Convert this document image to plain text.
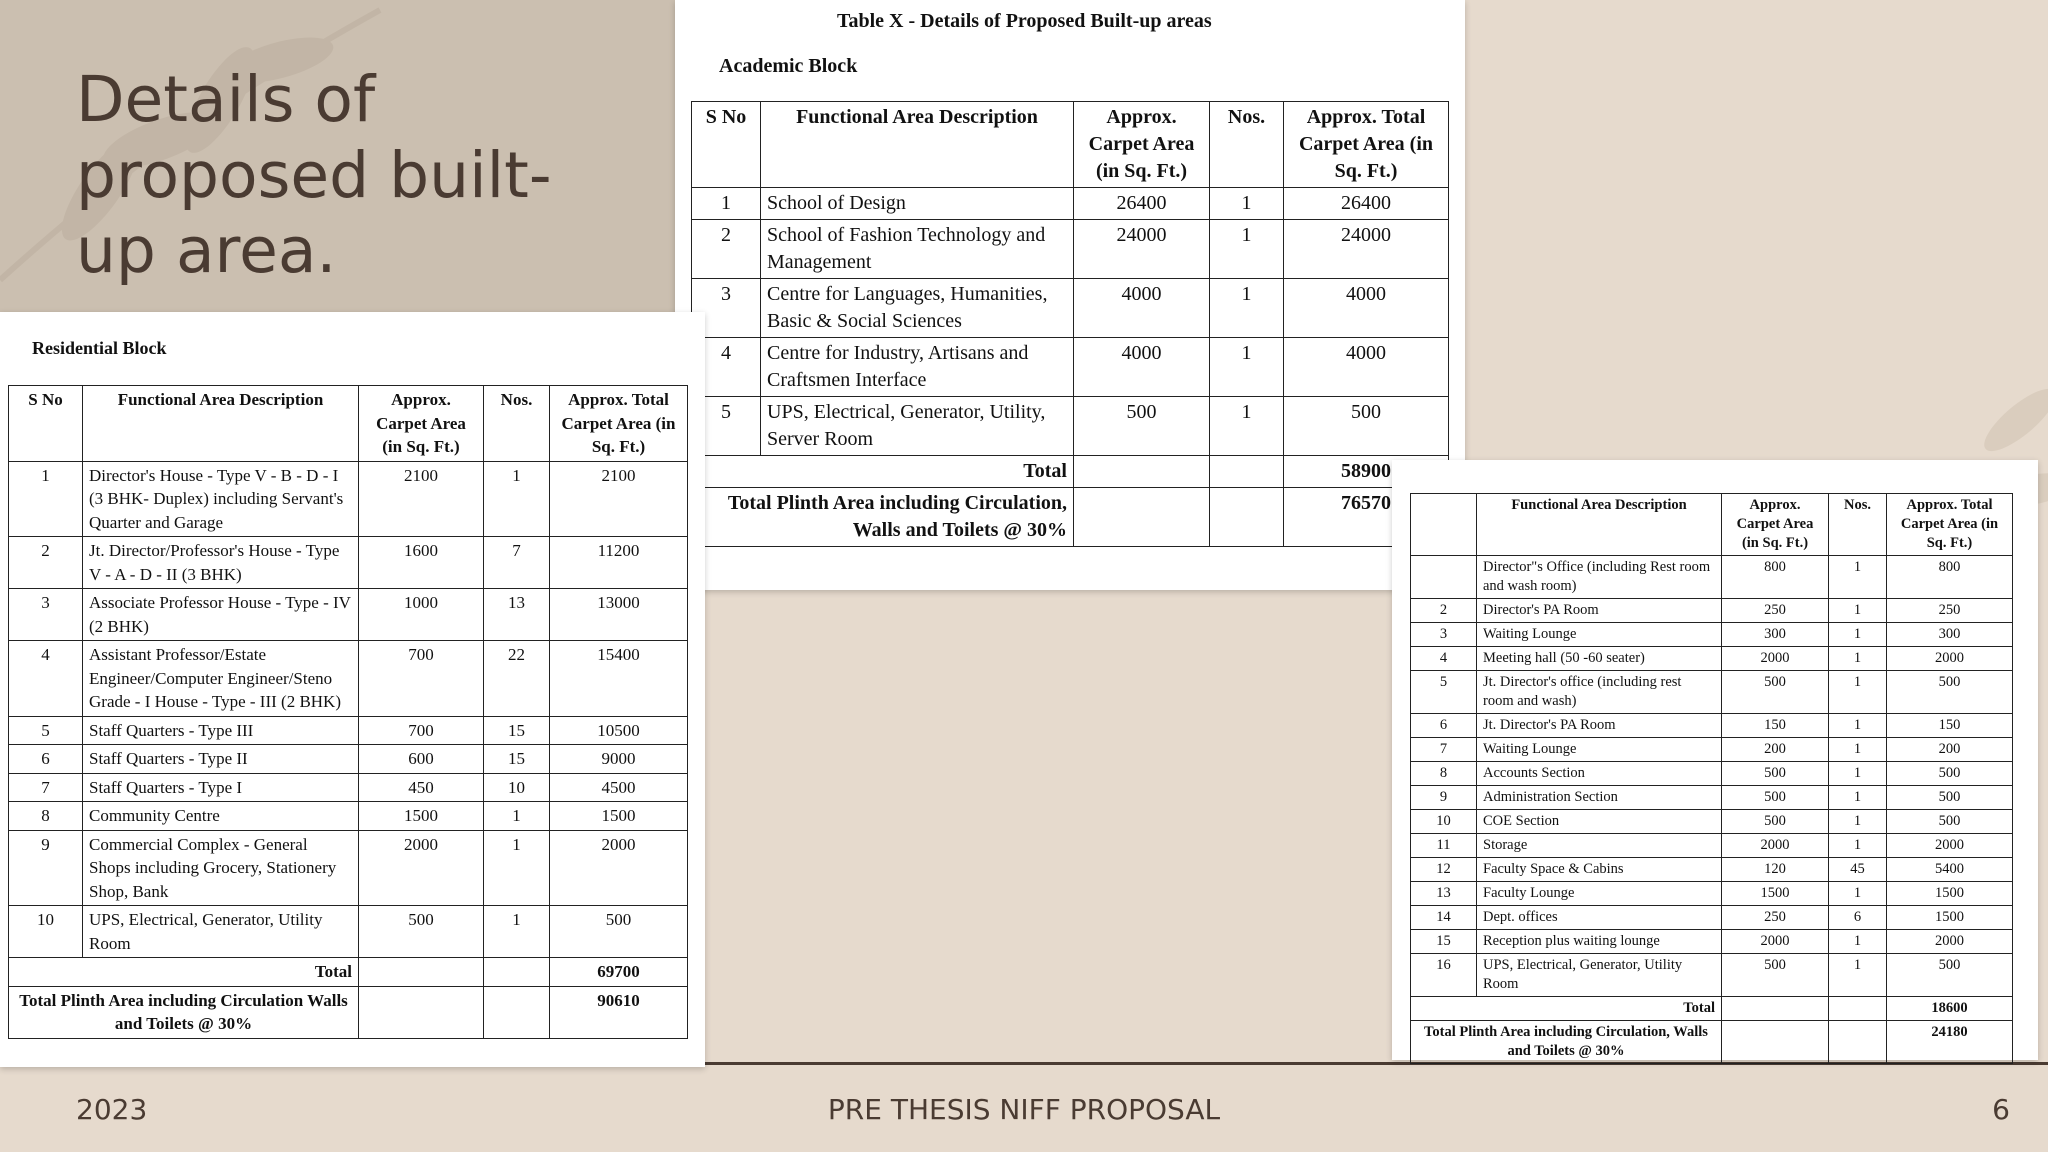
Details of proposed built-up area.
Table X - Details of Proposed Built-up areas
Academic Block
S No	Functional Area Description	Approx. Carpet Area (in Sq. Ft.)	Nos.	Approx. Total Carpet Area (in Sq. Ft.)
1	School of Design	26400	1	26400
2	School of Fashion Technology and Management	24000	1	24000
3	Centre for Languages, Humanities, Basic & Social Sciences	4000	1	4000
4	Centre for Industry, Artisans and Craftsmen Interface	4000	1	4000
5	UPS, Electrical, Generator, Utility, Server Room	500	1	500
Total				58900
Total Plinth Area including Circulation, Walls and Toilets @ 30%				76570
Residential Block
S No	Functional Area Description	Approx. Carpet Area (in Sq. Ft.)	Nos.	Approx. Total Carpet Area (in Sq. Ft.)
1	Director's House - Type V - B - D - I (3 BHK- Duplex) including Servant's Quarter and Garage	2100	1	2100
2	Jt. Director/Professor's House - Type V - A - D - II (3 BHK)	1600	7	11200
3	Associate Professor House - Type - IV (2 BHK)	1000	13	13000
4	Assistant Professor/Estate Engineer/Computer Engineer/Steno Grade - I House - Type - III (2 BHK)	700	22	15400
5	Staff Quarters - Type III	700	15	10500
6	Staff Quarters - Type II	600	15	9000
7	Staff Quarters - Type I	450	10	4500
8	Community Centre	1500	1	1500
9	Commercial Complex - General Shops including Grocery, Stationery Shop, Bank	2000	1	2000
10	UPS, Electrical, Generator, Utility Room	500	1	500
Total				69700
Total Plinth Area including Circulation Walls and Toilets @ 30%				90610
	Functional Area Description	Approx. Carpet Area (in Sq. Ft.)	Nos.	Approx. Total Carpet Area (in Sq. Ft.)
	Director"s Office (including Rest room and wash room)	800	1	800
2	Director's PA Room	250	1	250
3	Waiting Lounge	300	1	300
4	Meeting hall (50 -60 seater)	2000	1	2000
5	Jt. Director's office (including rest room and wash)	500	1	500
6	Jt. Director's PA Room	150	1	150
7	Waiting Lounge	200	1	200
8	Accounts Section	500	1	500
9	Administration Section	500	1	500
10	COE Section	500	1	500
11	Storage	2000	1	2000
12	Faculty Space & Cabins	120	45	5400
13	Faculty Lounge	1500	1	1500
14	Dept. offices	250	6	1500
15	Reception plus waiting lounge	2000	1	2000
16	UPS, Electrical, Generator, Utility Room	500	1	500
Total				18600
Total Plinth Area including Circulation, Walls and Toilets @ 30%				24180
2023	PRE THESIS NIFF PROPOSAL	6
